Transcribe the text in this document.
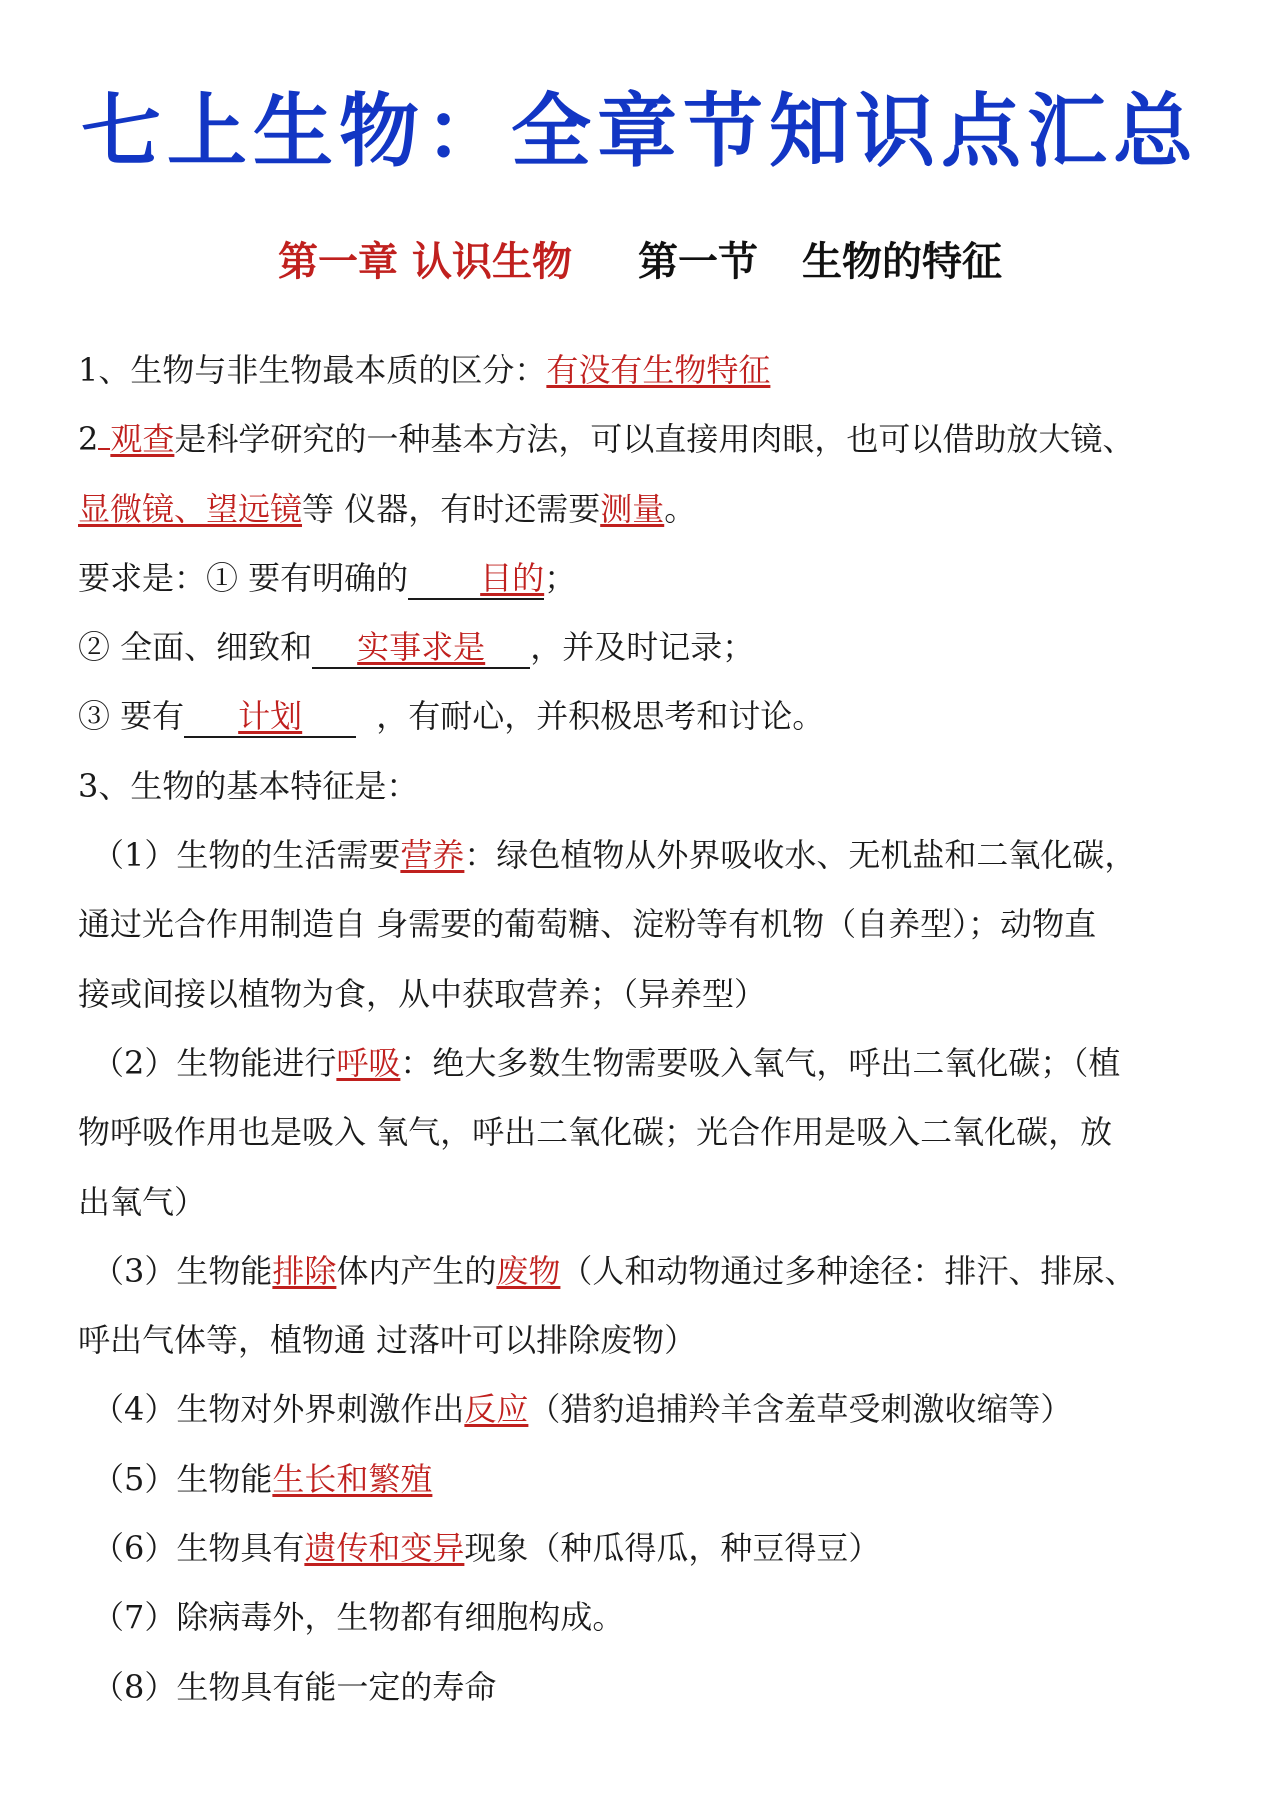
七上生物：全章节知识点汇总
第一章 认识生物 第一节 生物的特征
1、生物与非生物最本质的区分：有没有生物特征
2 观查是科学研究的一种基本方法，可以直接用肉眼，也可以借助放大镜、
显微镜、望远镜等 仪器，有时还需要测量。
要求是：① 要有明确的 目的；
② 全面、细致和 实事求是 ，并及时记录；
③ 要有 计划 ，有耐心，并积极思考和讨论。
3、生物的基本特征是：
（1）生物的生活需要营养：绿色植物从外界吸收水、无机盐和二氧化碳，
通过光合作用制造自 身需要的葡萄糖、淀粉等有机物（自养型）；动物直
接或间接以植物为食，从中获取营养；（异养型）
（2）生物能进行呼吸：绝大多数生物需要吸入氧气，呼出二氧化碳；（植
物呼吸作用也是吸入 氧气，呼出二氧化碳；光合作用是吸入二氧化碳，放
出氧气）
（3）生物能排除体内产生的废物（人和动物通过多种途径：排汗、排尿、
呼出气体等，植物通 过落叶可以排除废物）
（4）生物对外界刺激作出反应（猎豹追捕羚羊含羞草受刺激收缩等）
（5）生物能生长和繁殖
（6）生物具有遗传和变异现象（种瓜得瓜，种豆得豆）
（7）除病毒外，生物都有细胞构成。
（8）生物具有能一定的寿命
